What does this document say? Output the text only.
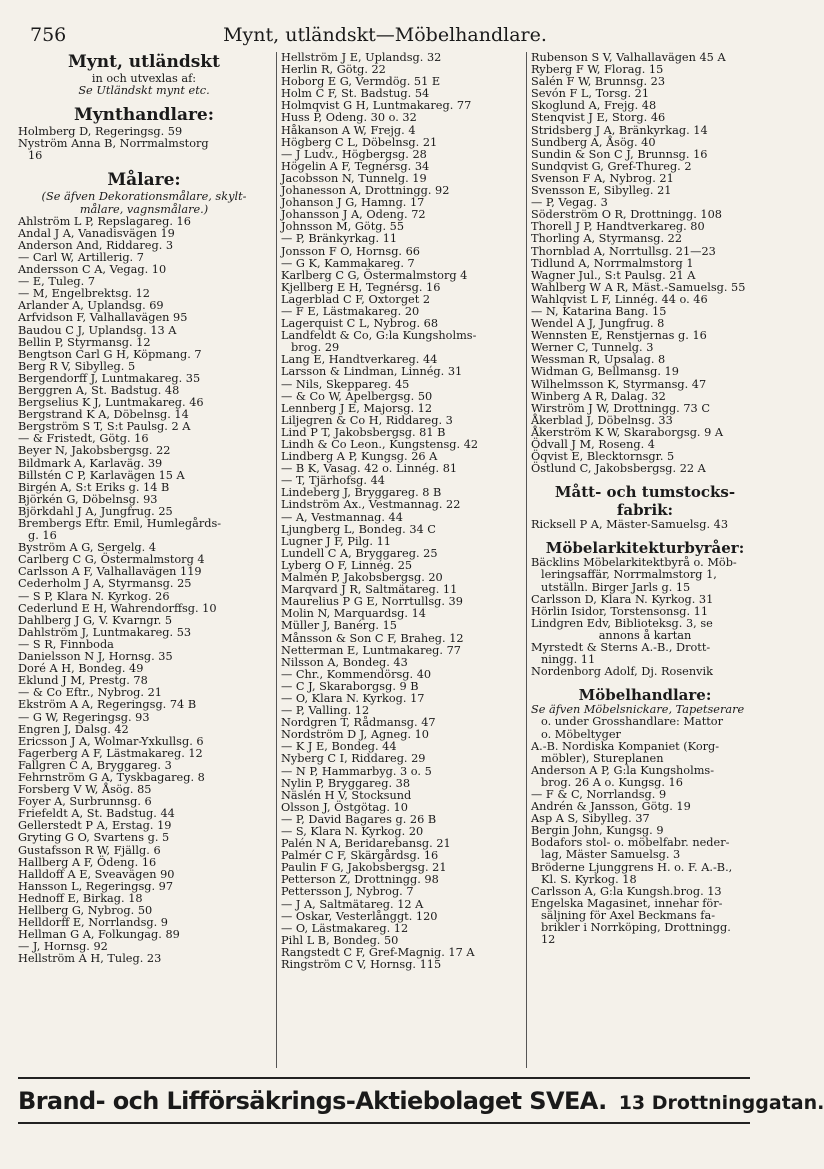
756	Mynt, utländskt—Möbelhandlare.
Mynt, utländskt
in och utvexlas af:
Se Utländskt mynt etc.
Mynthandlare:
Holmberg D, Regeringsg. 59
Nyström Anna B, Norrmalmstorg
16
Målare:
(Se äfven Dekorationsmålare, skylt-
målare, vagnsmålare.)
Ahlström L P, Repslagareg. 16
Andal J A, Vanadisvägen 19
Anderson And, Riddareg. 3
— Carl W, Artillerig. 7
Andersson C A, Vegag. 10
— E, Tuleg. 7
— M, Engelbrektsg. 12
Arlander A, Uplandsg. 69
Arfvidson F, Valhallavägen 95
Baudou C J, Uplandsg. 13 A
Bellin P, Styrmansg. 12
Bengtson Carl G H, Köpmang. 7
Berg R V, Sibylleg. 5
Bergendorff J, Luntmakareg. 35
Berggren A, St. Badstug. 48
Bergselius K J, Luntmakareg. 46
Bergstrand K A, Döbelnsg. 14
Bergström S T, S:t Paulsg. 2 A
— & Fristedt, Götg. 16
Beyer N, Jakobsbergsg. 22
Bildmark A, Karlaväg. 39
Billstén C P, Karlavägen 15 A
Birgén A, S:t Eriks g. 14 B
Björkén G, Döbelnsg. 93
Björkdahl J A, Jungfrug. 25
Brembergs Eftr. Emil, Humlegårds-
g. 16
Byström A G, Sergelg. 4
Carlberg C G, Östermalmstorg 4
Carlsson A F, Valhallavägen 119
Cederholm J A, Styrmansg. 25
— S P, Klara N. Kyrkog. 26
Cederlund E H, Wahrendorffsg. 10
Dahlberg J G, V. Kvarngr. 5
Dahlström J, Luntmakareg. 53
— S R, Finnboda
Danielsson N J, Hornsg. 35
Doré A H, Bondeg. 49
Eklund J M, Prestg. 78
— & Co Eftr., Nybrog. 21
Ekström A A, Regeringsg. 74 B
— G W, Regeringsg. 93
Engren J, Dalsg. 42
Ericsson J A, Wolmar-Yxkullsg. 6
Fagerberg A F, Lästmakareg. 12
Fallgren C A, Bryggareg. 3
Fehrnström G A, Tyskbagareg. 8
Forsberg V W, Åsög. 85
Foyer A, Surbrunnsg. 6
Friefeldt A, St. Badstug. 44
Gellerstedt P A, Erstag. 19
Gryting G O, Svartens g. 5
Gustafsson R W, Fjällg. 6
Hallberg A F, Ödeng. 16
Halldoff A E, Sveavägen 90
Hansson L, Regeringsg. 97
Hednoff E, Birkag. 18
Hellberg G, Nybrog. 50
Helldorff E, Norrlandsg. 9
Hellman G A, Folkungag. 89
— J, Hornsg. 92
Hellström A H, Tuleg. 23
Hellström J E, Uplandsg. 32
Herlin R, Götg. 22
Hoborg E G, Vermdög. 51 E
Holm C F, St. Badstug. 54
Holmqvist G H, Luntmakareg. 77
Huss P, Odeng. 30 o. 32
Håkanson A W, Frejg. 4
Högberg C L, Döbelnsg. 21
— J Ludv., Högbergsg. 28
Högelin A F, Tegnérsg. 34
Jacobsson N, Tunnelg. 19
Johanesson A, Drottningg. 92
Johanson J G, Hamng. 17
Johansson J A, Odeng. 72
Johnsson M, Götg. 55
— P, Bränkyrkag. 11
Jonsson F O, Hornsg. 66
— G K, Kammakareg. 7
Karlberg C G, Östermalmstorg 4
Kjellberg E H, Tegnérsg. 16
Lagerblad C F, Oxtorget 2
— F E, Lästmakareg. 20
Lagerquist C L, Nybrog. 68
Landfeldt & Co, G:la Kungsholms-
brog. 29
Lang E, Handtverkareg. 44
Larsson & Lindman, Linnég. 31
— Nils, Skeppareg. 45
— & Co W, Apelbergsg. 50
Lennberg J E, Majorsg. 12
Liljegren & Co H, Riddareg. 3
Lind P T, Jakobsbergsg. 81 B
Lindh & Co Leon., Kungstensg. 42
Lindberg A P, Kungsg. 26 A
— B K, Vasag. 42 o. Linnég. 81
— T, Tjärhofsg. 44
Lindeberg J, Bryggareg. 8 B
Lindström Ax., Vestmannag. 22
— A, Vestmannag. 44
Ljungberg L, Bondeg. 34 C
Lugner J F, Pilg. 11
Lundell C A, Bryggareg. 25
Lyberg O F, Linnég. 25
Malmén P, Jakobsbergsg. 20
Marqvard J R, Saltmätareg. 11
Maurelius P G E, Norrtullsg. 39
Molin N, Marquardsg. 14
Müller J, Banérg. 15
Månsson & Son C F, Braheg. 12
Netterman E, Luntmakareg. 77
Nilsson A, Bondeg. 43
— Chr., Kommendörsg. 40
— C J, Skaraborgsg. 9 B
— O, Klara N. Kyrkog. 17
— P, Valling. 12
Nordgren T, Rådmansg. 47
Nordström D J, Agneg. 10
— K J E, Bondeg. 44
Nyberg C I, Riddareg. 29
— N P, Hammarbyg. 3 o. 5
Nylin P, Bryggareg. 38
Näslén H V, Stocksund
Olsson J, Östgötag. 10
— P, David Bagares g. 26 B
— S, Klara N. Kyrkog. 20
Palén N A, Beridarebansg. 21
Palmér C F, Skärgårdsg. 16
Paulin F G, Jakobsbergsg. 21
Petterson Z, Drottningg. 98
Pettersson J, Nybrog. 7
— J A, Saltmätareg. 12 A
— Oskar, Vesterlånggt. 120
— O, Lästmakareg. 12
Pihl L B, Bondeg. 50
Rangstedt C F, Gref-Magnig. 17 A
Ringström C V, Hornsg. 115
Rubenson S V, Valhallavägen 45 A
Ryberg F W, Florag. 15
Salén F W, Brunnsg. 23
Sevón F L, Torsg. 21
Skoglund A, Frejg. 48
Stenqvist J E, Storg. 46
Stridsberg J A, Bränkyrkag. 14
Sundberg A, Åsög. 40
Sundin & Son C J, Brunnsg. 16
Sundqvist G, Gref-Thureg. 2
Svenson F A, Nybrog. 21
Svensson E, Sibylleg. 21
— P, Vegag. 3
Söderström O R, Drottningg. 108
Thorell J P, Handtverkareg. 80
Thorling A, Styrmansg. 22
Thornblad A, Norrtullsg. 21—23
Tidlund A, Norrmalmstorg 1
Wagner Jul., S:t Paulsg. 21 A
Wahlberg W A R, Mäst.-Samuelsg. 55
Wahlqvist L F, Linnég. 44 o. 46
— N, Katarina Bang. 15
Wendel A J, Jungfrug. 8
Wennsten E, Renstjernas g. 16
Werner C, Tunnelg. 3
Wessman R, Upsalag. 8
Widman G, Bellmansg. 19
Wilhelmsson K, Styrmansg. 47
Winberg A R, Dalag. 32
Wirström J W, Drottningg. 73 C
Åkerblad J, Döbelnsg. 33
Åkerström K W, Skaraborgsg. 9 A
Ödvall J M, Roseng. 4
Öqvist E, Blecktornsgr. 5
Östlund C, Jakobsbergsg. 22 A
Mått- och tumstocks-
fabrik:
Ricksell P A, Mäster-Samuelsg. 43
Möbelarkitekturbyråer:
Bäcklins Möbelarkitektbyrå o. Möb-
leringsaffär, Norrmalmstorg 1,
utställn. Birger Jarls g. 15
Carlsson D, Klara N. Kyrkog. 31
Hörlin Isidor, Torstensonsg. 11
Lindgren Edv, Biblioteksg. 3, se
annons å kartan
Myrstedt & Sterns A.-B., Drott-
ningg. 11
Nordenborg Adolf, Dj. Rosenvik
Möbelhandlare:
Se äfven Möbelsnickare, Tapetserare
o. under Grosshandlare: Mattor
o. Möbeltyger
A.-B. Nordiska Kompaniet (Korg-
möbler), Stureplanen
Anderson A P, G:la Kungsholms-
brog. 26 A o. Kungsg. 16
— F & C, Norrlandsg. 9
Andrén & Jansson, Götg. 19
Asp A S, Sibylleg. 37
Bergin John, Kungsg. 9
Bodafors stol- o. möbelfabr. neder-
lag, Mäster Samuelsg. 3
Bröderne Ljunggrens H. o. F. A.-B.,
Kl. S. Kyrkog. 18
Carlsson A, G:la Kungsh.brog. 13
Engelska Magasinet, innehar för-
säljning för Axel Beckmans fa-
brikler i Norrköping, Drottningg.
12
Brand- och Lifförsäkrings-Aktiebolaget SVEA. 13 Drottninggatan.
